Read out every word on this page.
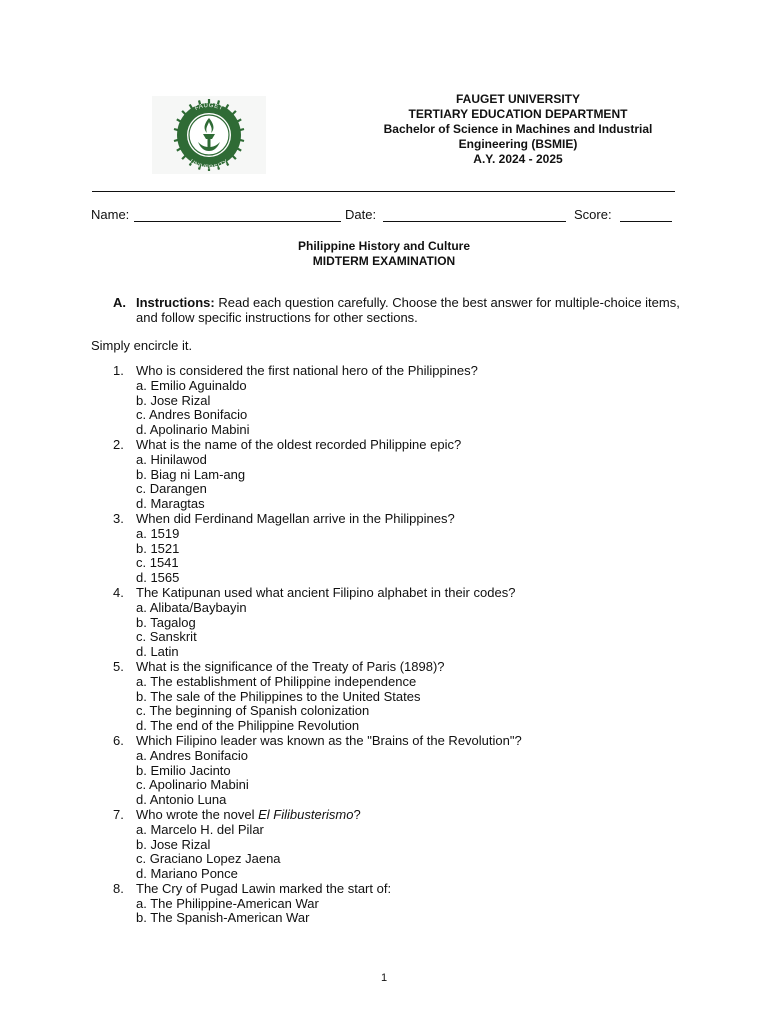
FAUGET
UNIVERSITY
FAUGET UNIVERSITY
TERTIARY EDUCATION DEPARTMENT
Bachelor of Science in Machines and Industrial
Engineering (BSMIE)
A.Y. 2024 - 2025
Name:	Date:	Score:
Philippine History and Culture
MIDTERM EXAMINATION
A. Instructions: Read each question carefully. Choose the best answer for multiple-choice items, and follow specific instructions for other sections.
Simply encircle it.
1. Who is considered the first national hero of the Philippines?
a. Emilio Aguinaldo
b. Jose Rizal
c. Andres Bonifacio
d. Apolinario Mabini
2. What is the name of the oldest recorded Philippine epic?
a. Hinilawod
b. Biag ni Lam-ang
c. Darangen
d. Maragtas
3. When did Ferdinand Magellan arrive in the Philippines?
a. 1519
b. 1521
c. 1541
d. 1565
4. The Katipunan used what ancient Filipino alphabet in their codes?
a. Alibata/Baybayin
b. Tagalog
c. Sanskrit
d. Latin
5. What is the significance of the Treaty of Paris (1898)?
a. The establishment of Philippine independence
b. The sale of the Philippines to the United States
c. The beginning of Spanish colonization
d. The end of the Philippine Revolution
6. Which Filipino leader was known as the "Brains of the Revolution"?
a. Andres Bonifacio
b. Emilio Jacinto
c. Apolinario Mabini
d. Antonio Luna
7. Who wrote the novel El Filibusterismo?
a. Marcelo H. del Pilar
b. Jose Rizal
c. Graciano Lopez Jaena
d. Mariano Ponce
8. The Cry of Pugad Lawin marked the start of:
a. The Philippine-American War
b. The Spanish-American War
1
